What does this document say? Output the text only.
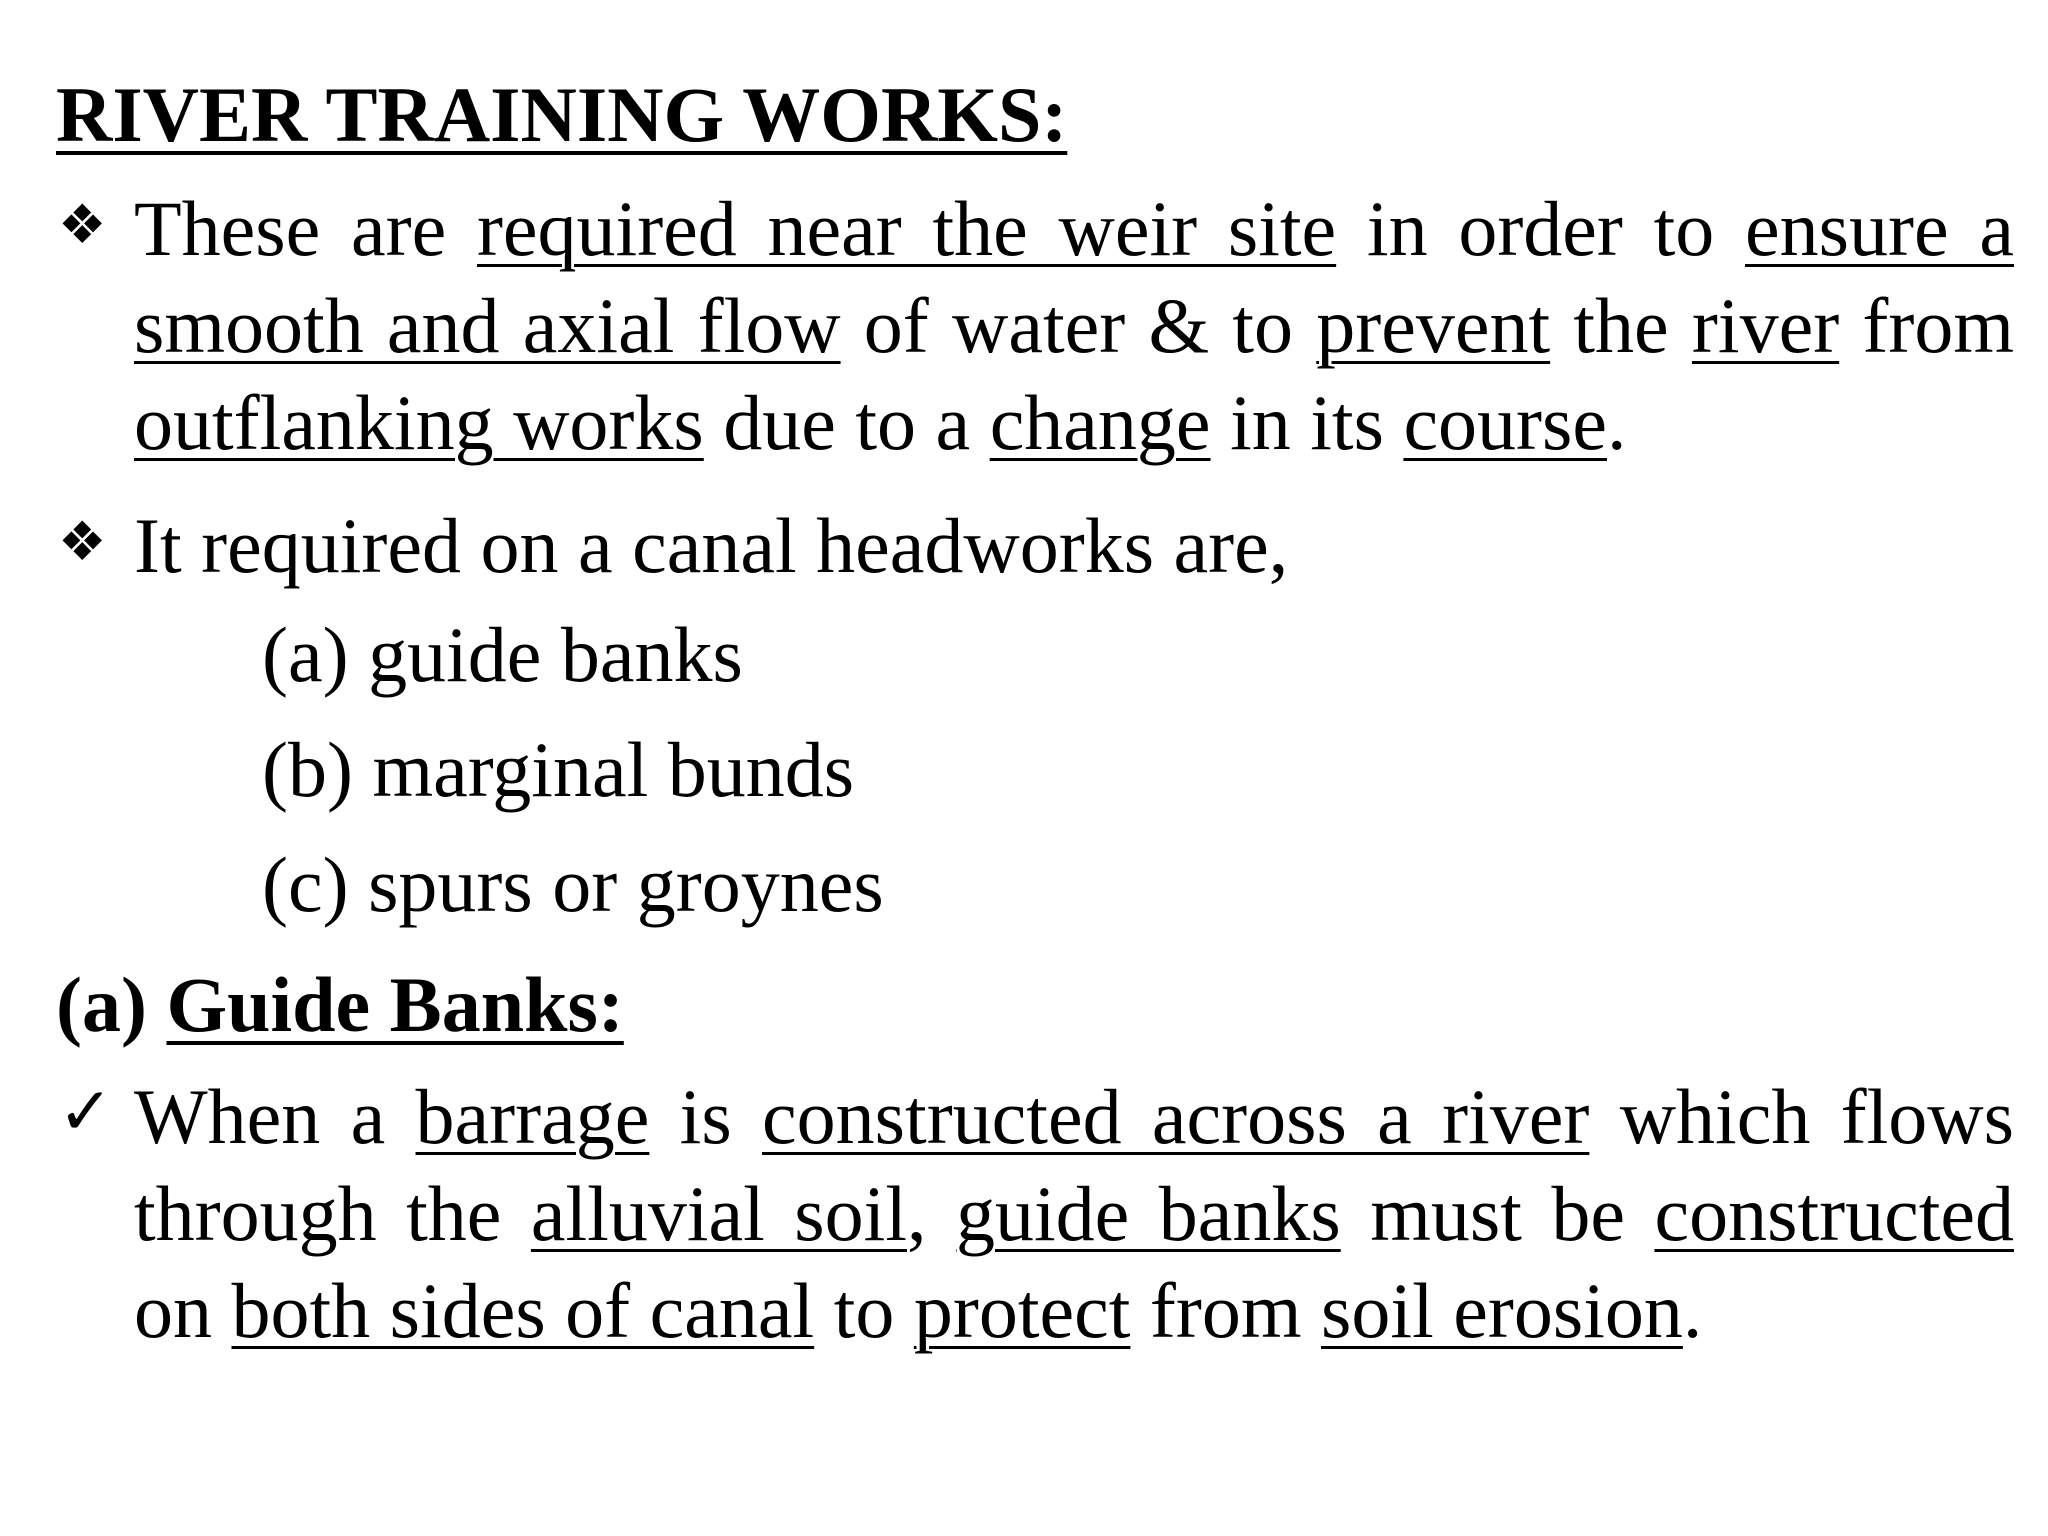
RIVER TRAINING WORKS:
❖ These are required near the weir site in order to ensure a smooth and axial flow of water & to prevent the river from outflanking works due to a change in its course.
❖ It required on a canal headworks are,
(a) guide banks
(b) marginal bunds
(c) spurs or groynes
(a) Guide Banks:
✓ When a barrage is constructed across a river which flows through the alluvial soil, guide banks must be constructed on both sides of canal to protect from soil erosion.
